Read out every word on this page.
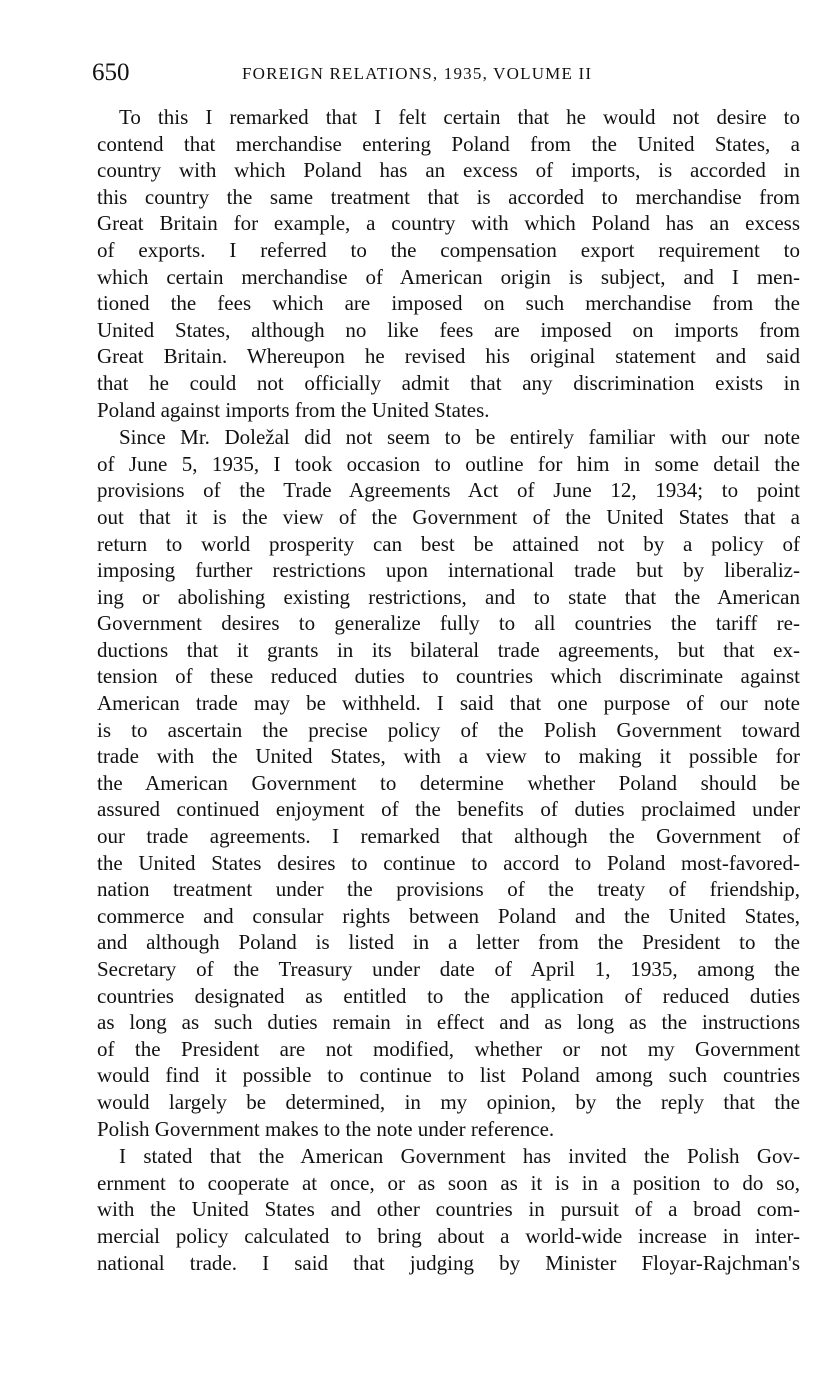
650	FOREIGN RELATIONS, 1935, VOLUME II
To this I remarked that I felt certain that he would not desire to
contend that merchandise entering Poland from the United States, a
country with which Poland has an excess of imports, is accorded in
this country the same treatment that is accorded to merchandise from
Great Britain for example, a country with which Poland has an excess
of exports. I referred to the compensation export requirement to
which certain merchandise of American origin is subject, and I men-
tioned the fees which are imposed on such merchandise from the
United States, although no like fees are imposed on imports from
Great Britain. Whereupon he revised his original statement and said
that he could not officially admit that any discrimination exists in
Poland against imports from the United States.
Since Mr. Doležal did not seem to be entirely familiar with our note
of June 5, 1935, I took occasion to outline for him in some detail the
provisions of the Trade Agreements Act of June 12, 1934; to point
out that it is the view of the Government of the United States that a
return to world prosperity can best be attained not by a policy of
imposing further restrictions upon international trade but by liberaliz-
ing or abolishing existing restrictions, and to state that the American
Government desires to generalize fully to all countries the tariff re-
ductions that it grants in its bilateral trade agreements, but that ex-
tension of these reduced duties to countries which discriminate against
American trade may be withheld. I said that one purpose of our note
is to ascertain the precise policy of the Polish Government toward
trade with the United States, with a view to making it possible for
the American Government to determine whether Poland should be
assured continued enjoyment of the benefits of duties proclaimed under
our trade agreements. I remarked that although the Government of
the United States desires to continue to accord to Poland most-favored-
nation treatment under the provisions of the treaty of friendship,
commerce and consular rights between Poland and the United States,
and although Poland is listed in a letter from the President to the
Secretary of the Treasury under date of April 1, 1935, among the
countries designated as entitled to the application of reduced duties
as long as such duties remain in effect and as long as the instructions
of the President are not modified, whether or not my Government
would find it possible to continue to list Poland among such countries
would largely be determined, in my opinion, by the reply that the
Polish Government makes to the note under reference.
I stated that the American Government has invited the Polish Gov-
ernment to cooperate at once, or as soon as it is in a position to do so,
with the United States and other countries in pursuit of a broad com-
mercial policy calculated to bring about a world-wide increase in inter-
national trade. I said that judging by Minister Floyar-Rajchman's
